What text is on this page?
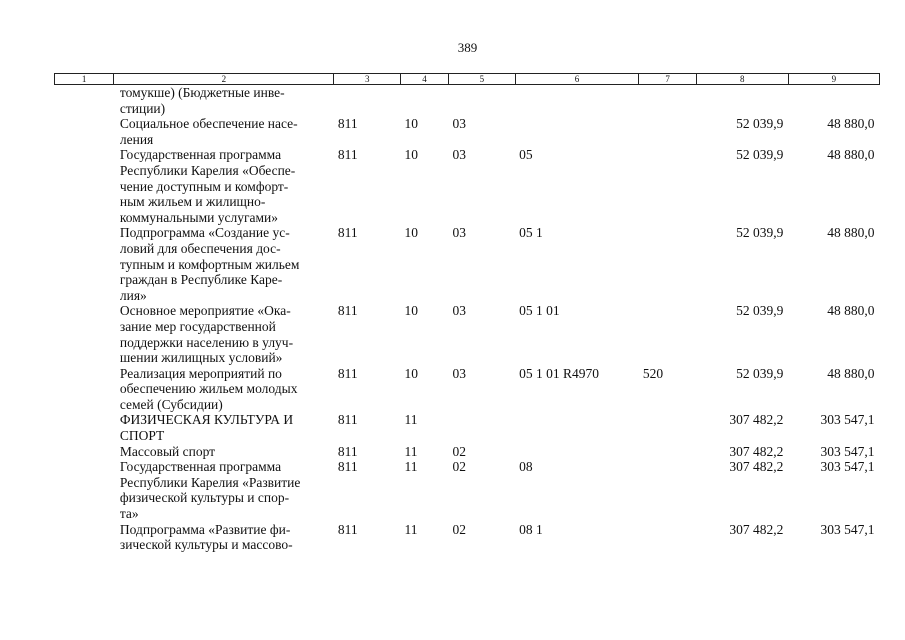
389
1	2	3	4	5	6	7	8	9
	томукше) (Бюджетные инве-
стиции)							
	Социальное обеспечение насе-
ления	811	10	03			52 039,9	48 880,0
	Государственная программа
Республики Карелия «Обеспе-
чение доступным и комфорт-
ным жильем и жилищно-
коммунальными услугами»	811	10	03	05		52 039,9	48 880,0
	Подпрограмма «Создание ус-
ловий для обеспечения дос-
тупным и комфортным жильем
граждан в Республике Каре-
лия»	811	10	03	05 1		52 039,9	48 880,0
	Основное мероприятие «Ока-
зание мер государственной
поддержки населению в улуч-
шении жилищных условий»	811	10	03	05 1 01		52 039,9	48 880,0
	Реализация мероприятий по
обеспечению жильем молодых
семей (Субсидии)	811	10	03	05 1 01 R4970	520	52 039,9	48 880,0
	ФИЗИЧЕСКАЯ КУЛЬТУРА И
СПОРТ	811	11				307 482,2	303 547,1
	Массовый спорт	811	11	02			307 482,2	303 547,1
	Государственная программа
Республики Карелия «Развитие
физической культуры и спор-
та»	811	11	02	08		307 482,2	303 547,1
	Подпрограмма «Развитие фи-
зической культуры и массово-	811	11	02	08 1		307 482,2	303 547,1
